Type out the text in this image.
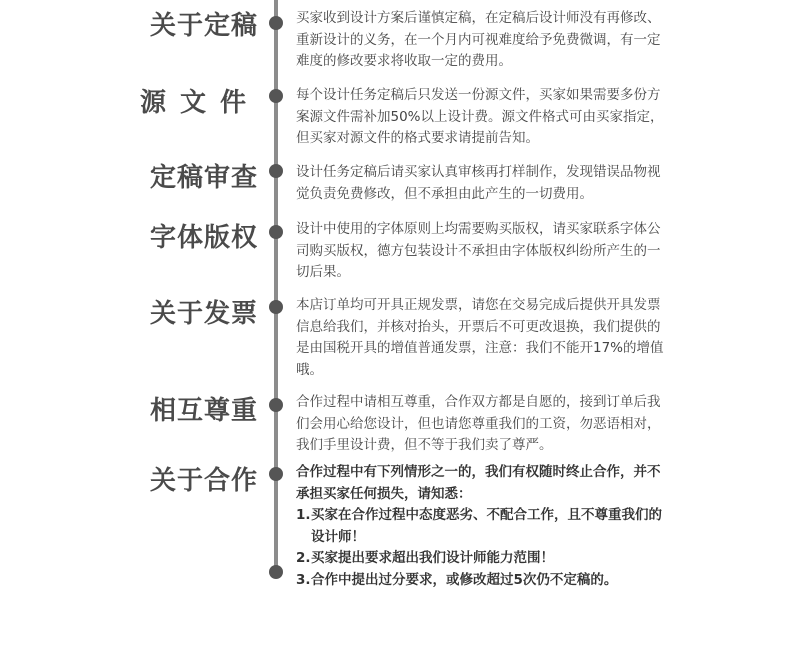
关于定稿	买家收到设计方案后谨慎定稿，在定稿后设计师没有再修改、重新设计的义务，在一个月内可视难度给予免费微调，有一定难度的修改要求将收取一定的费用。
源文件	每个设计任务定稿后只发送一份源文件，买家如果需要多份方案源文件需补加50%以上设计费。源文件格式可由买家指定，但买家对源文件的格式要求请提前告知。
定稿审查	设计任务定稿后请买家认真审核再打样制作，发现错误品物视觉负责免费修改，但不承担由此产生的一切费用。
字体版权	设计中使用的字体原则上均需要购买版权，请买家联系字体公司购买版权，德方包装设计不承担由字体版权纠纷所产生的一切后果。
关于发票	本店订单均可开具正规发票，请您在交易完成后提供开具发票信息给我们，并核对抬头，开票后不可更改退换，我们提供的是由国税开具的增值普通发票，注意：我们不能开17%的增值哦。
相互尊重	合作过程中请相互尊重，合作双方都是自愿的，接到订单后我们会用心给您设计，但也请您尊重我们的工资，勿恶语相对，我们手里设计费，但不等于我们卖了尊严。
关于合作	合作过程中有下列情形之一的，我们有权随时终止合作，并不承担买家任何损失，请知悉：

1. 买家在合作过程中态度恶劣、不配合工作，且不尊重我们的设计师！
2. 买家提出要求超出我们设计师能力范围！
3. 合作中提出过分要求，或修改超过5次仍不定稿的。
